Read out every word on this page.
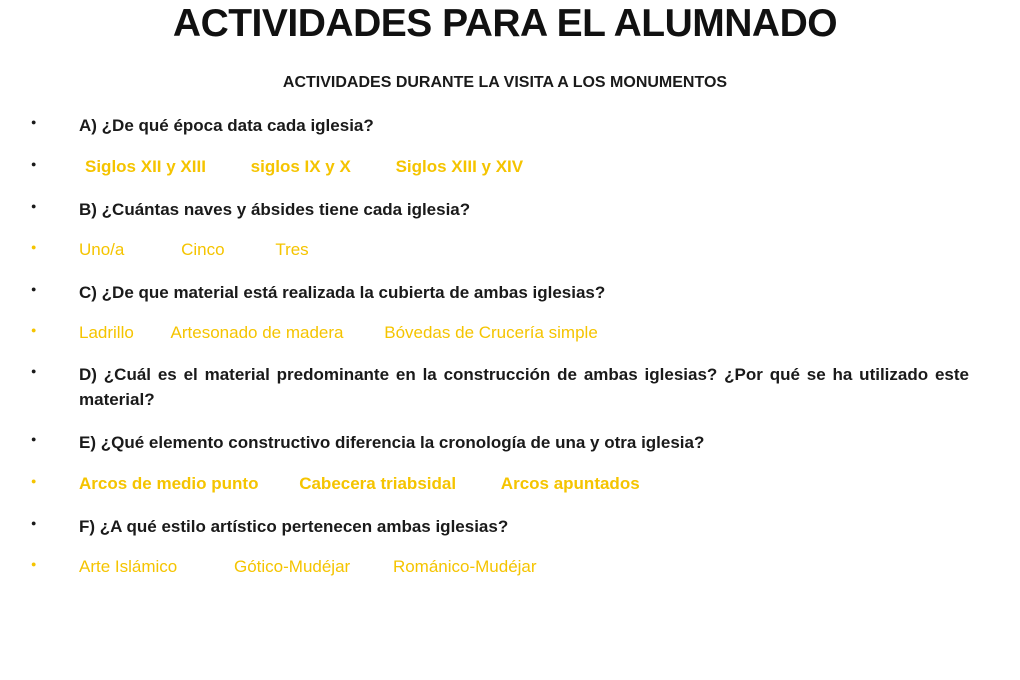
ACTIVIDADES PARA EL ALUMNADO
ACTIVIDADES DURANTE LA VISITA A LOS MONUMENTOS
●	A) ¿De qué época data cada iglesia?
●	Siglos XII y XIII	siglos IX y X	Siglos XIII y XIV
●	B) ¿Cuántas naves y ábsides tiene cada iglesia?
●	Uno/a	Cinco	Tres
●	C) ¿De que material está realizada la cubierta de ambas iglesias?
●	Ladrillo Artesonado de madera Bóvedas de Crucería simple
●	D) ¿Cuál es el material predominante en la construcción de ambas iglesias? ¿Por qué se ha utilizado este material?
●	E) ¿Qué elemento constructivo diferencia la cronología de una y otra iglesia?
●	Arcos de medio punto Cabecera triabsidal	Arcos apuntados
●	F) ¿A qué estilo artístico pertenecen ambas iglesias?
●	Arte Islámico	Gótico-Mudéjar	Románico-Mudéjar
